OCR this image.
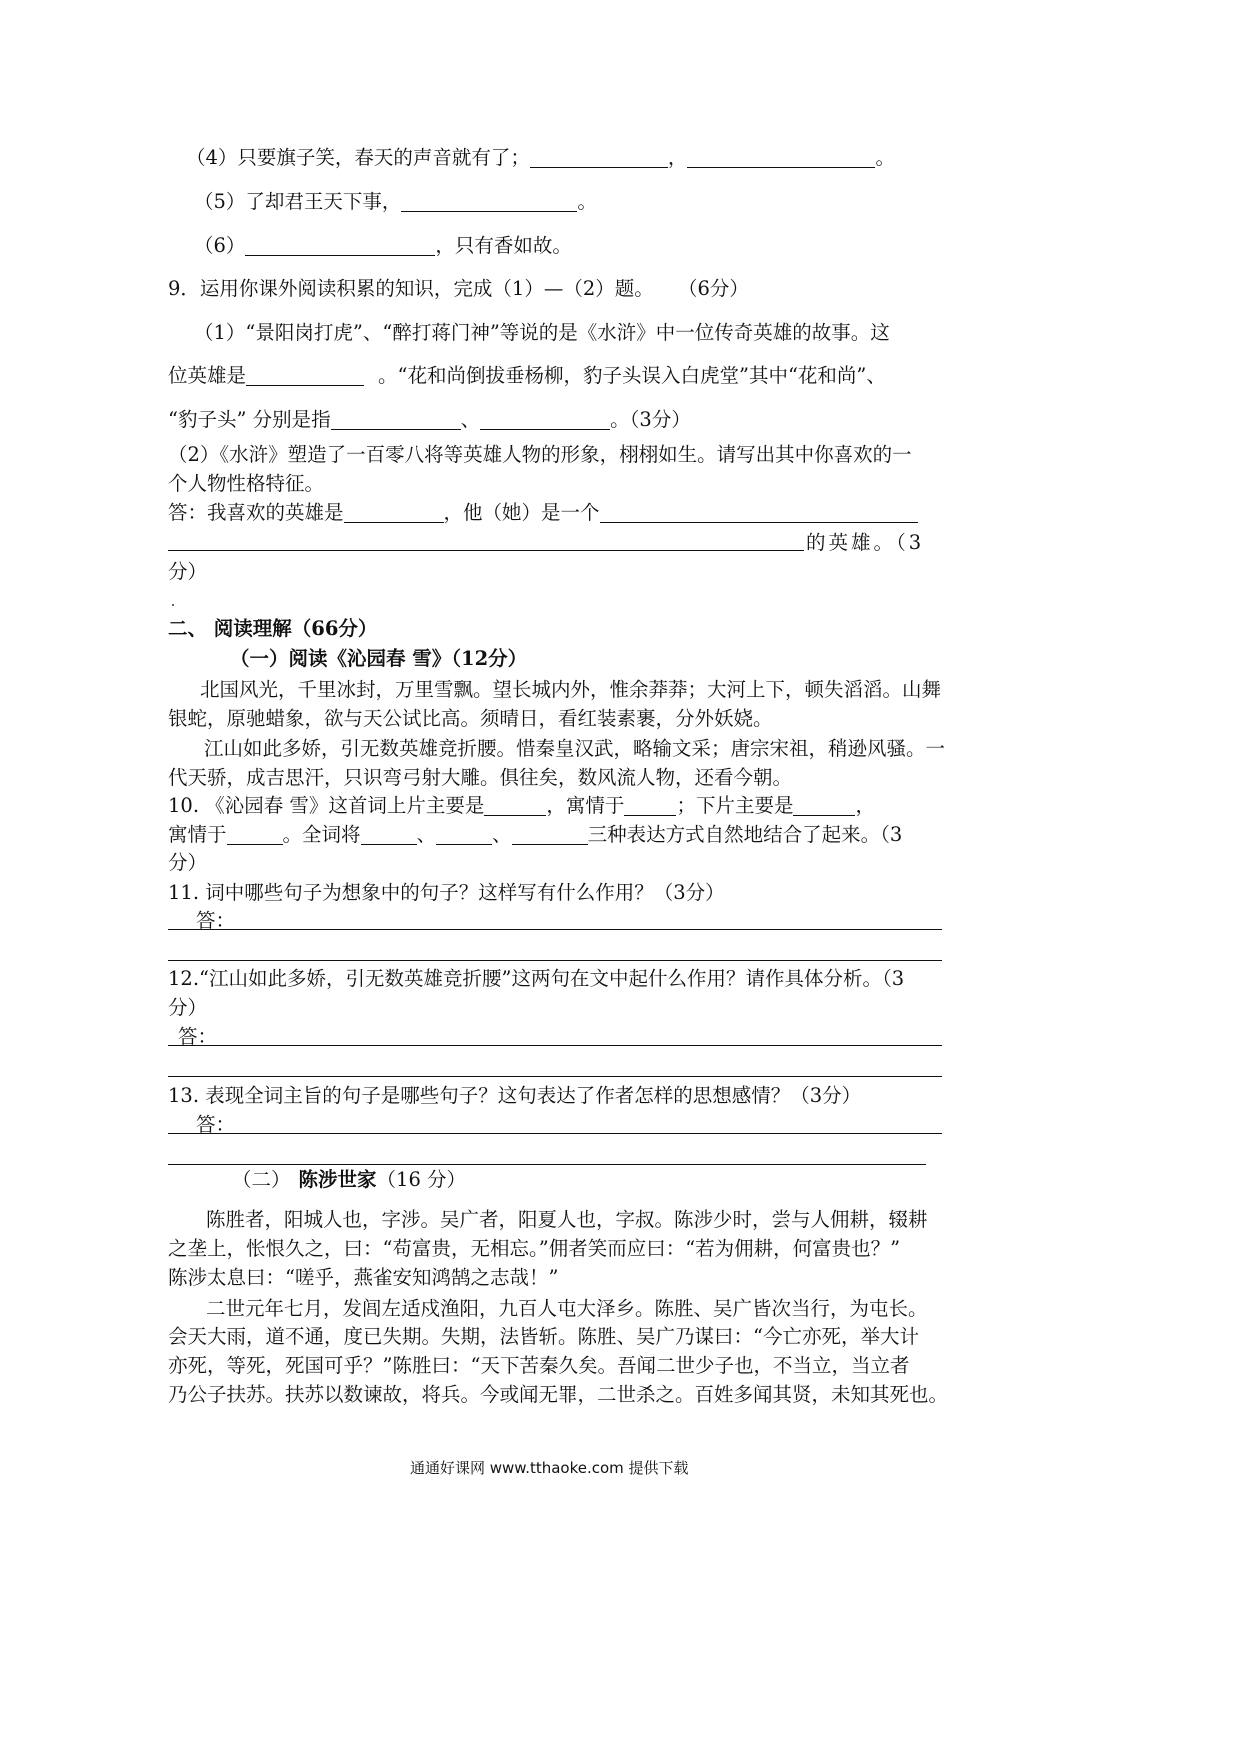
（4）只要旗子笑，春天的声音就有了；	，	。
（5）了却君王天下事，	。
（6）	，只有香如故。
9．运用你课外阅读积累的知识，完成（1）—（2）题。 （6分）
（1）“景阳岗打虎”、“醉打蒋门神”等说的是《水浒》中一位传奇英雄的故事。这
位英雄是	。“花和尚倒拔垂杨柳，豹子头误入白虎堂”其中“花和尚”、
“豹子头” 分别是指	、	。（3分）
（2）《水浒》塑造了一百零八将等英雄人物的形象，栩栩如生。请写出其中你喜欢的一
个人物性格特征。
答：我喜欢的英雄是	，他（她）是一个
的英雄。（3
分）
二、 阅读理解（66分）
（一）阅读《沁园春 雪》（12分）
北国风光，千里冰封，万里雪飘。望长城内外，惟余莽莽；大河上下，顿失滔滔。山舞
银蛇，原驰蜡象，欲与天公试比高。须晴日，看红装素裹，分外妖娆。
江山如此多娇，引无数英雄竞折腰。惜秦皇汉武，略输文采；唐宗宋祖，稍逊风骚。一
代天骄，成吉思汗，只识弯弓射大雕。俱往矣，数风流人物，还看今朝。
10. 《沁园春 雪》这首词上片主要是	，寓情于	；下片主要是	，
寓情于	。全词将	、	、	三种表达方式自然地结合了起来。（3
分）
11. 词中哪些句子为想象中的句子？这样写有什么作用？（3分）
答：
12.“江山如此多娇，引无数英雄竞折腰”这两句在文中起什么作用？请作具体分析。（3
分）
答：
13. 表现全词主旨的句子是哪些句子？这句表达了作者怎样的思想感情？（3分）
答：
（二） 陈涉世家（16 分）
陈胜者，阳城人也，字涉。吴广者，阳夏人也，字叔。陈涉少时，尝与人佣耕，辍耕
之垄上，怅恨久之，曰：“苟富贵，无相忘。”佣者笑而应曰：“若为佣耕，何富贵也？”
陈涉太息曰：“嗟乎，燕雀安知鸿鹄之志哉！”
二世元年七月，发闾左适戍渔阳，九百人屯大泽乡。陈胜、吴广皆次当行，为屯长。
会天大雨，道不通，度已失期。失期，法皆斩。陈胜、吴广乃谋曰：“今亡亦死，举大计
亦死，等死，死国可乎？”陈胜曰：“天下苦秦久矣。吾闻二世少子也，不当立，当立者
乃公子扶苏。扶苏以数谏故，将兵。今或闻无罪，二世杀之。百姓多闻其贤，未知其死也。
通通好课网 www.tthaoke.com 提供下载
